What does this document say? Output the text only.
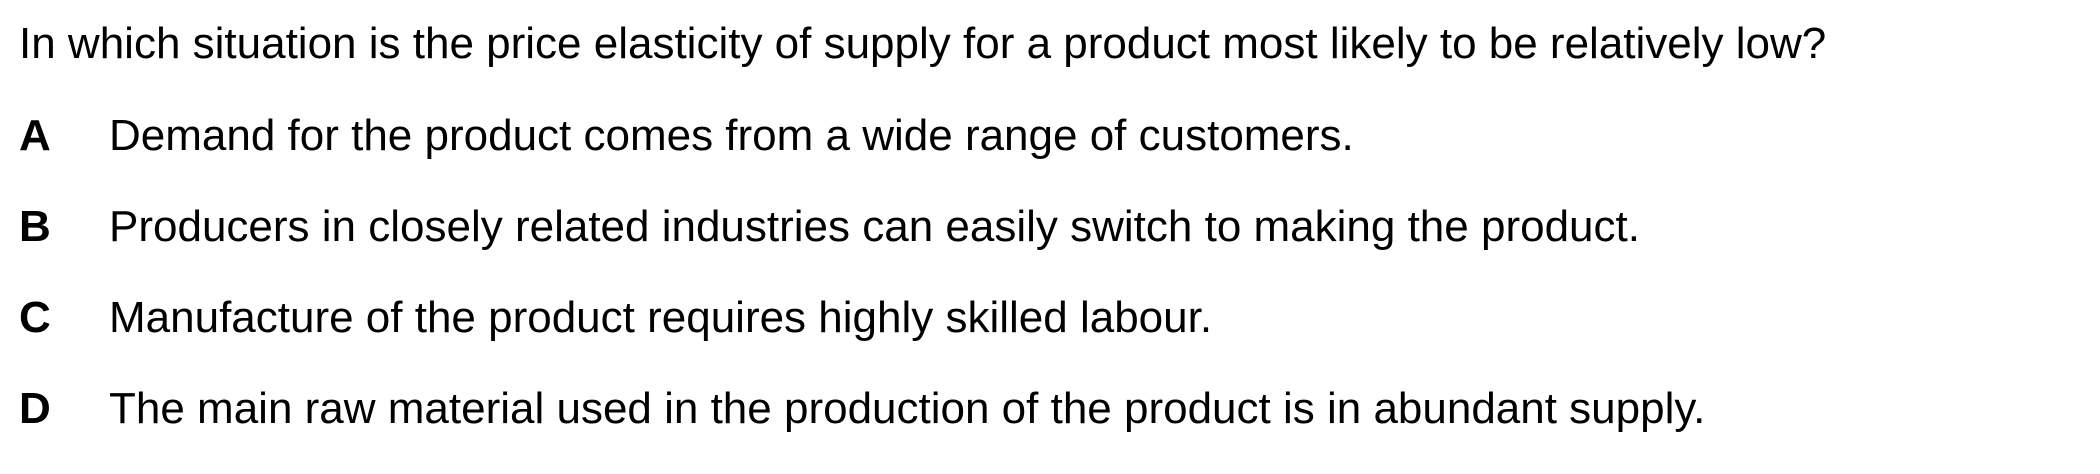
In which situation is the price elasticity of supply for a product most likely to be relatively low?
A	Demand for the product comes from a wide range of customers.
B	Producers in closely related industries can easily switch to making the product.
C	Manufacture of the product requires highly skilled labour.
D	The main raw material used in the production of the product is in abundant supply.
